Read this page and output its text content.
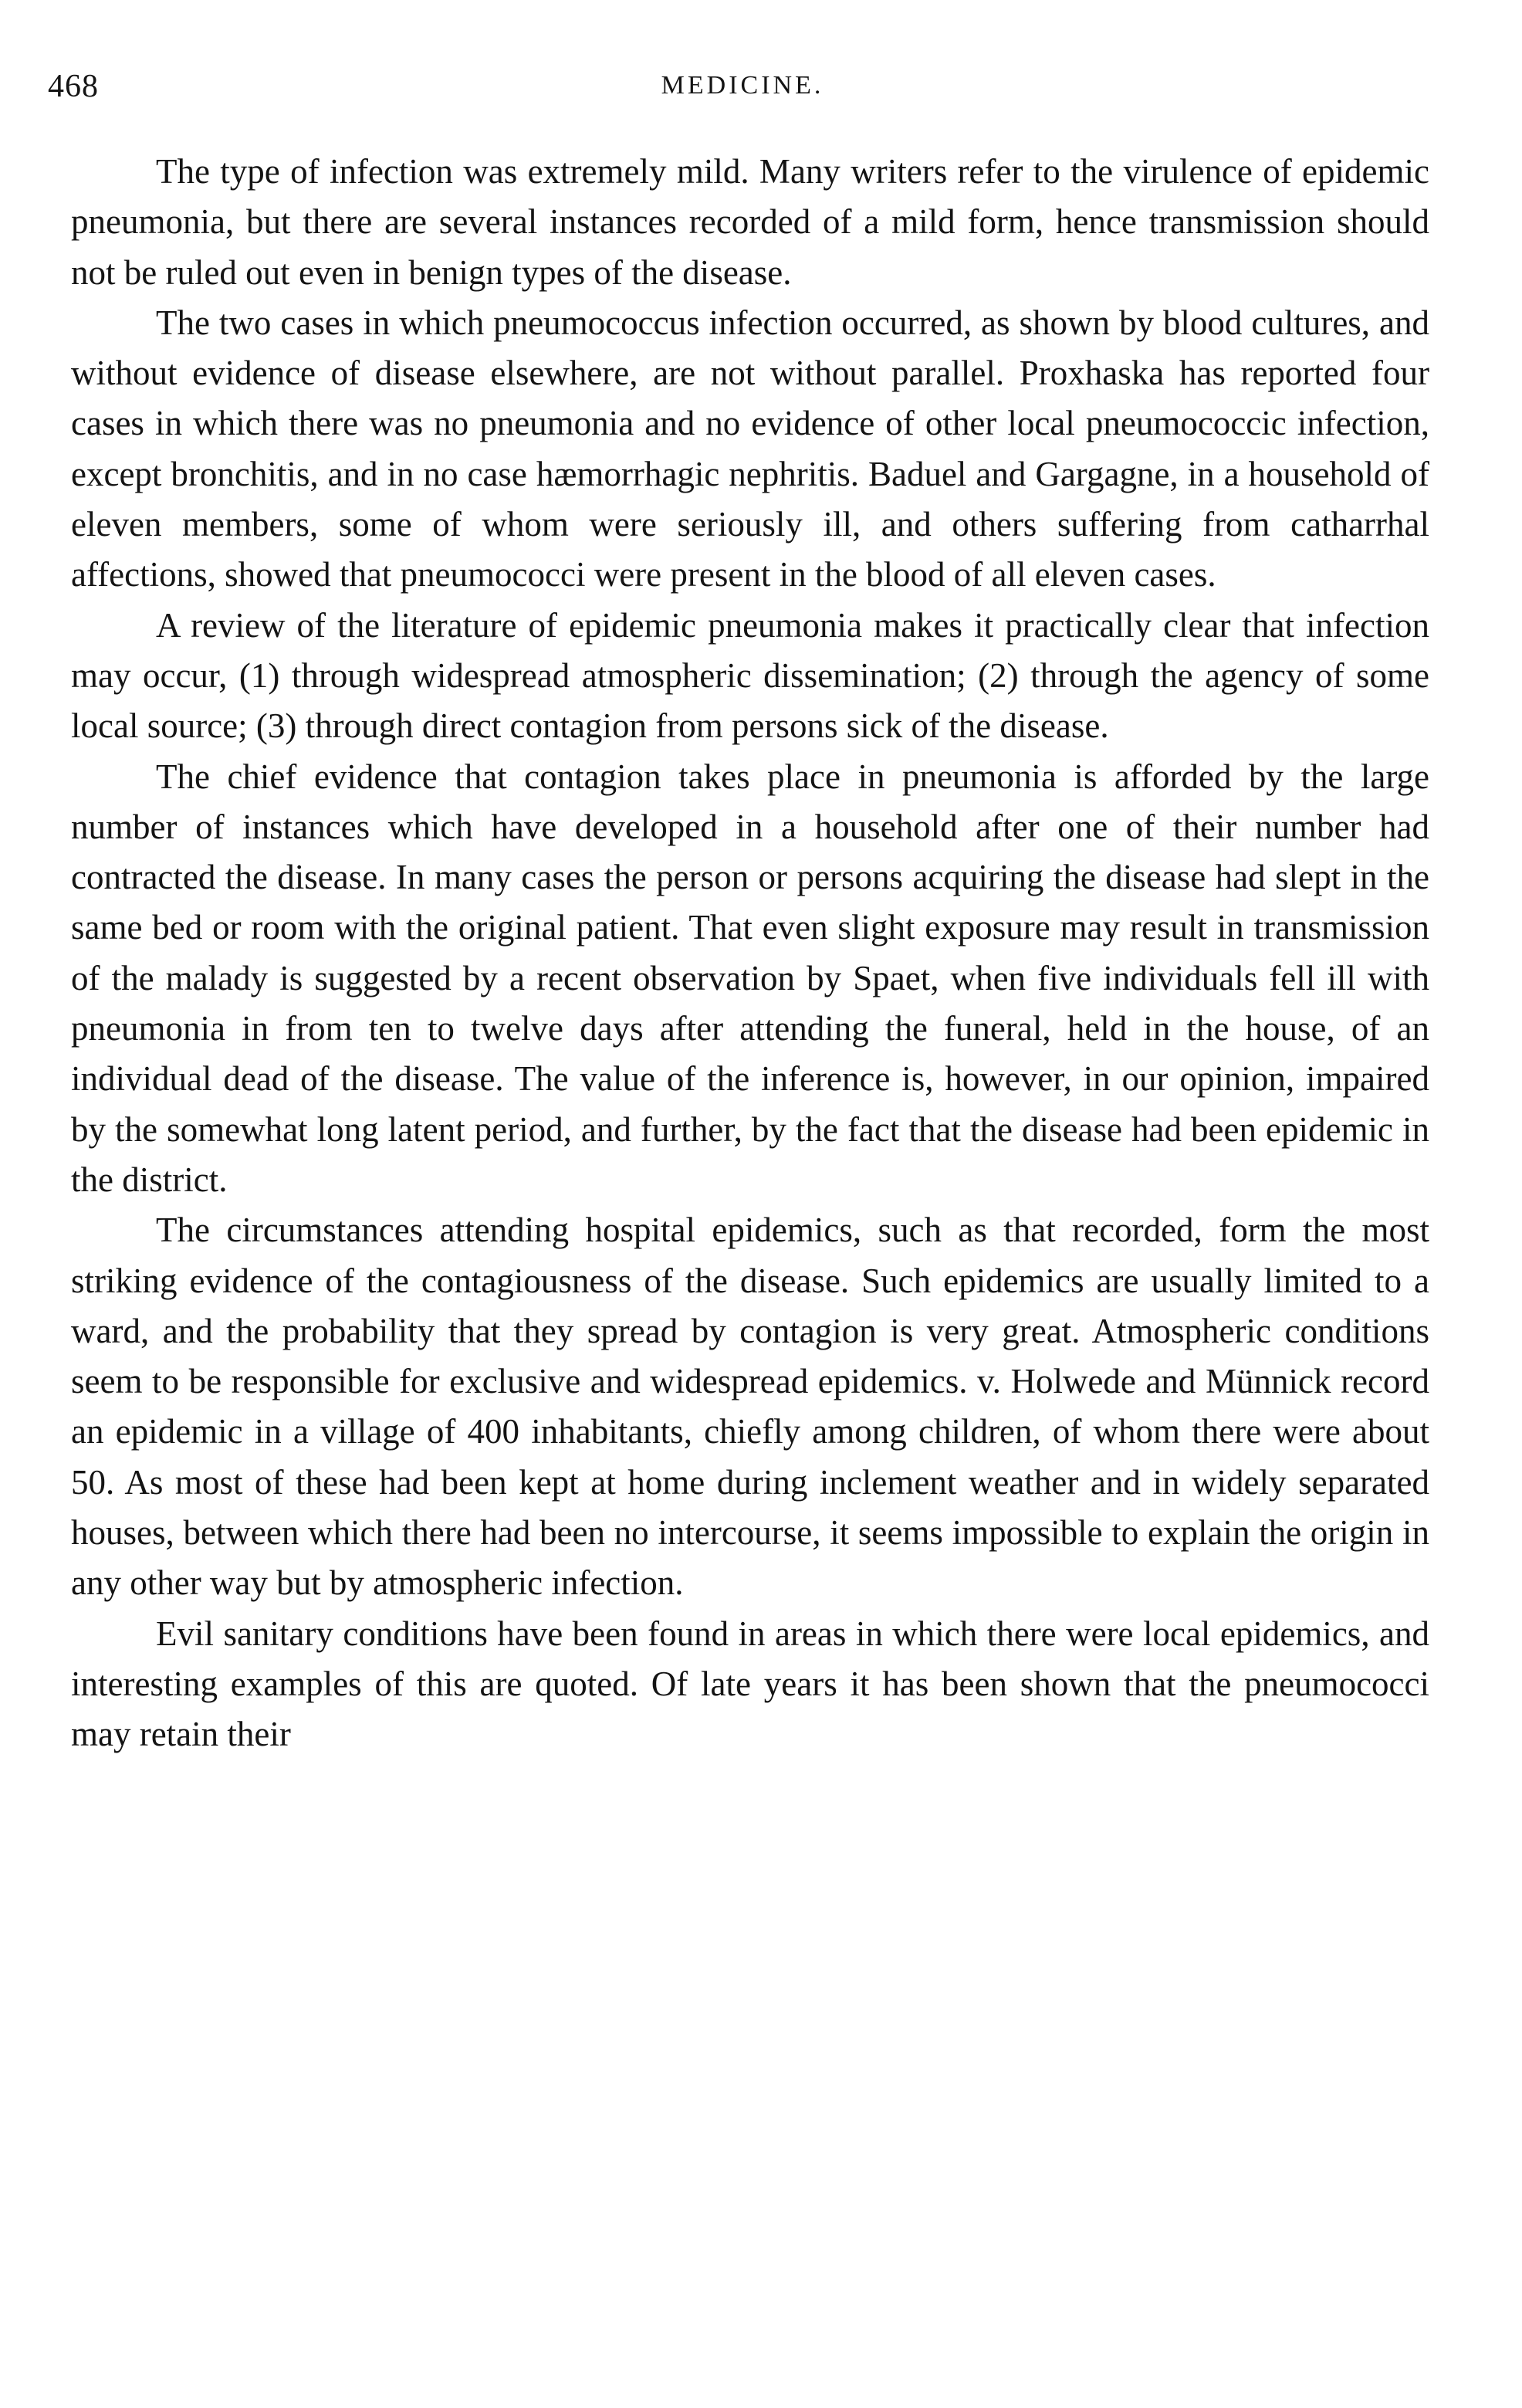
468	MEDICINE.

The type of infection was extremely mild. Many writers refer to the virulence of epidemic pneumonia, but there are several instances recorded of a mild form, hence transmission should not be ruled out even in benign types of the disease.

The two cases in which pneumococcus infection occurred, as shown by blood cultures, and without evidence of disease elsewhere, are not without parallel. Proxhaska has reported four cases in which there was no pneumonia and no evidence of other local pneumococcic infection, except bronchitis, and in no case hæmorrhagic nephritis. Baduel and Gargagne, in a household of eleven members, some of whom were seriously ill, and others suffering from catharrhal affections, showed that pneumococci were present in the blood of all eleven cases.

A review of the literature of epidemic pneumonia makes it practically clear that infection may occur, (1) through widespread atmospheric dissemination; (2) through the agency of some local source; (3) through direct contagion from persons sick of the disease.

The chief evidence that contagion takes place in pneumonia is afforded by the large number of instances which have developed in a household after one of their number had contracted the disease. In many cases the person or persons acquiring the disease had slept in the same bed or room with the original patient. That even slight exposure may result in transmission of the malady is suggested by a recent observation by Spaet, when five individuals fell ill with pneumonia in from ten to twelve days after attending the funeral, held in the house, of an individual dead of the disease. The value of the inference is, however, in our opinion, impaired by the somewhat long latent period, and further, by the fact that the disease had been epidemic in the district.

The circumstances attending hospital epidemics, such as that recorded, form the most striking evidence of the contagiousness of the disease. Such epidemics are usually limited to a ward, and the probability that they spread by contagion is very great. Atmospheric conditions seem to be responsible for exclusive and widespread epidemics. v. Holwede and Münnick record an epidemic in a village of 400 inhabitants, chiefly among children, of whom there were about 50. As most of these had been kept at home during inclement weather and in widely separated houses, between which there had been no intercourse, it seems impossible to explain the origin in any other way but by atmospheric infection.

Evil sanitary conditions have been found in areas in which there were local epidemics, and interesting examples of this are quoted. Of late years it has been shown that the pneumococci may retain their
